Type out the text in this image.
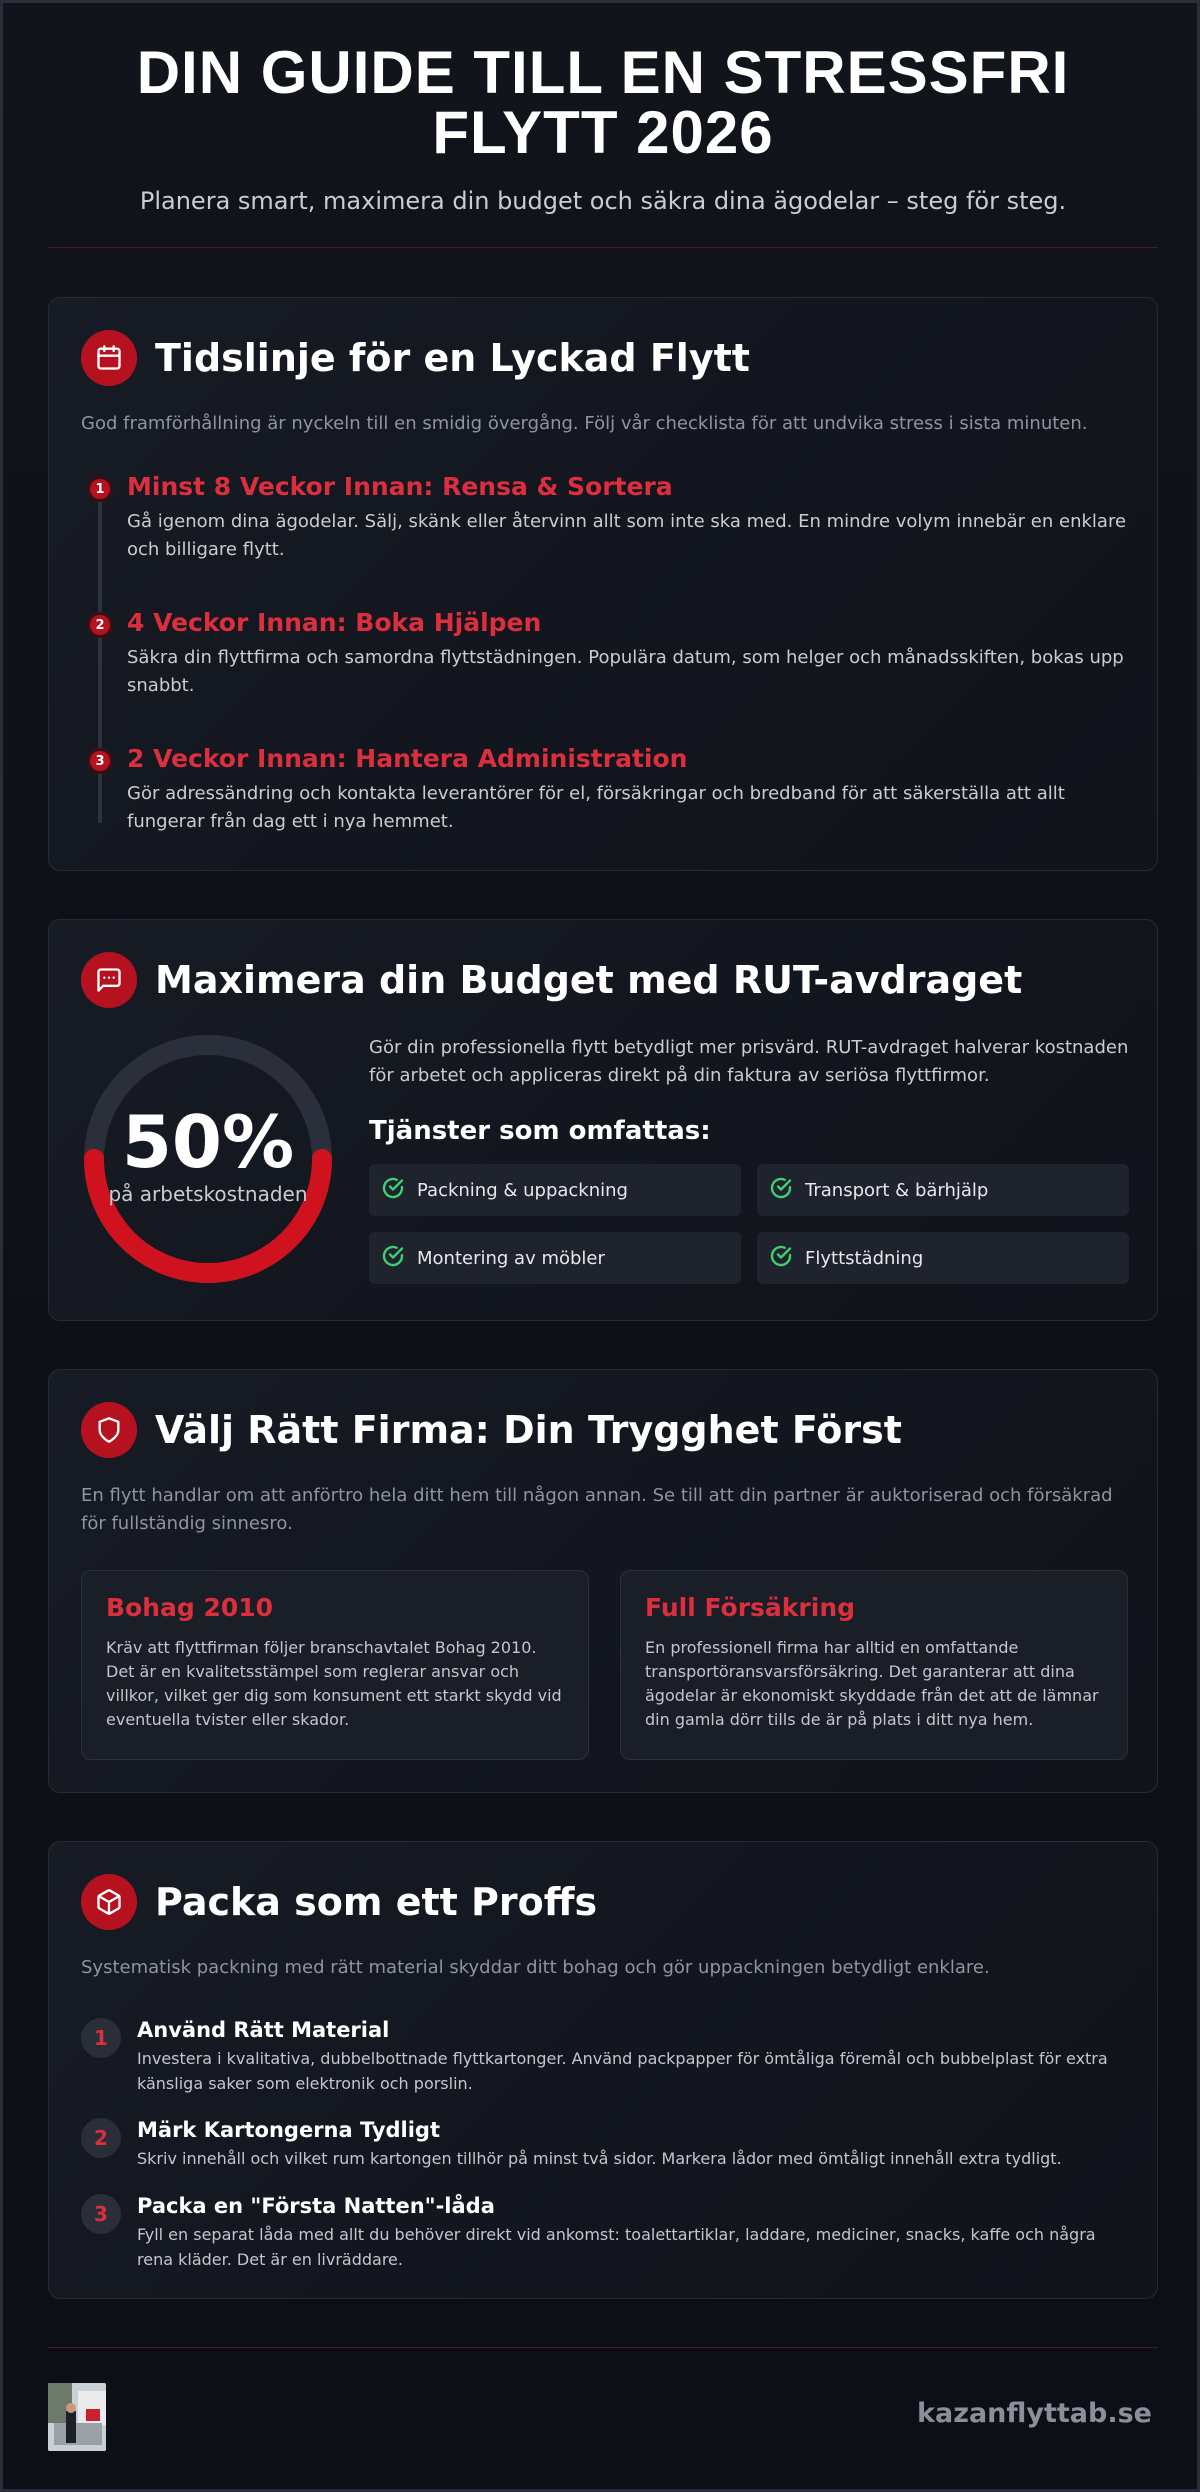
DIN GUIDE TILL EN STRESSFRI FLYTT 2026
Planera smart, maximera din budget och säkra dina ägodelar – steg för steg.
Tidslinje för en Lyckad Flytt
God framförhållning är nyckeln till en smidig övergång. Följ vår checklista för att undvika stress i sista minuten.
1 Minst 8 Veckor Innan: Rensa & Sortera
Gå igenom dina ägodelar. Sälj, skänk eller återvinn allt som inte ska med. En mindre volym innebär en enklare och billigare flytt.
2 4 Veckor Innan: Boka Hjälpen
Säkra din flyttfirma och samordna flyttstädningen. Populära datum, som helger och månadsskiften, bokas upp snabbt.
3 2 Veckor Innan: Hantera Administration
Gör adressändring och kontakta leverantörer för el, försäkringar och bredband för att säkerställa att allt fungerar från dag ett i nya hemmet.
Maximera din Budget med RUT-avdraget
50%
på arbetskostnaden
Gör din professionella flytt betydligt mer prisvärd. RUT-avdraget halverar kostnaden för arbetet och appliceras direkt på din faktura av seriösa flyttfirmor.
Tjänster som omfattas:
Packning & uppackning	Transport & bärhjälp
Montering av möbler	Flyttstädning
Välj Rätt Firma: Din Trygghet Först
En flytt handlar om att anförtro hela ditt hem till någon annan. Se till att din partner är auktoriserad och försäkrad för fullständig sinnesro.
Bohag 2010
Kräv att flyttfirman följer branschavtalet Bohag 2010. Det är en kvalitetsstämpel som reglerar ansvar och villkor, vilket ger dig som konsument ett starkt skydd vid eventuella tvister eller skador.
Full Försäkring
En professionell firma har alltid en omfattande transportöransvarsförsäkring. Det garanterar att dina ägodelar är ekonomiskt skyddade från det att de lämnar din gamla dörr tills de är på plats i ditt nya hem.
Packa som ett Proffs
Systematisk packning med rätt material skyddar ditt bohag och gör uppackningen betydligt enklare.
1	Använd Rätt Material
Investera i kvalitativa, dubbelbottnade flyttkartonger. Använd packpapper för ömtåliga föremål och bubbelplast för extra känsliga saker som elektronik och porslin.
2	Märk Kartongerna Tydligt
Skriv innehåll och vilket rum kartongen tillhör på minst två sidor. Markera lådor med ömtåligt innehåll extra tydligt.
3	Packa en "Första Natten"-låda
Fyll en separat låda med allt du behöver direkt vid ankomst: toalettartiklar, laddare, mediciner, snacks, kaffe och några rena kläder. Det är en livräddare.
kazanflyttab.se
